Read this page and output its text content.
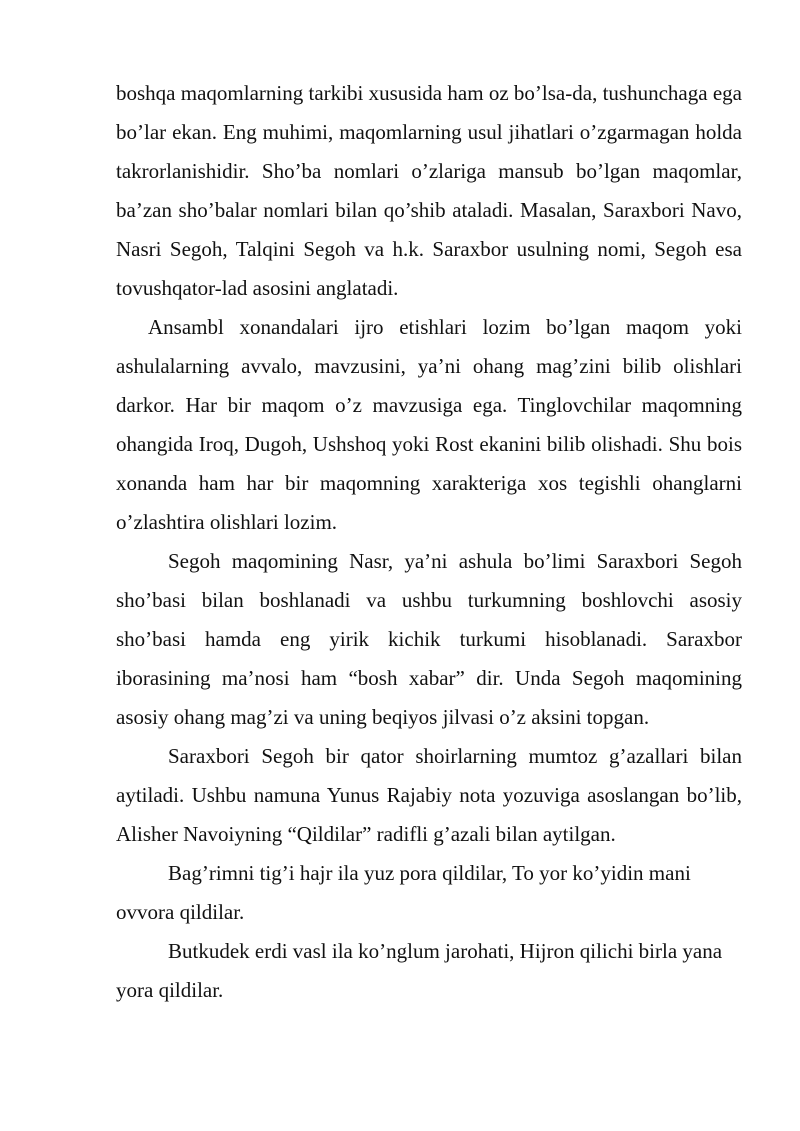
boshqa maqomlarning tarkibi xususida ham oz bo’lsa-da, tushunchaga ega bo’lar ekan. Eng muhimi, maqomlarning usul jihatlari o’zgarmagan holda takrorlanishidir. Sho’ba nomlari o’zlariga mansub bo’lgan maqomlar, ba’zan sho’balar nomlari bilan qo’shib ataladi. Masalan, Saraxbori Navo, Nasri Segoh, Talqini Segoh va h.k. Saraxbor usulning nomi, Segoh esa tovushqator-lad asosini anglatadi.

Ansambl xonandalari ijro etishlari lozim bo’lgan maqom yoki ashulalarning avvalo, mavzusini, ya’ni ohang mag’zini bilib olishlari darkor. Har bir maqom o’z mavzusiga ega. Tinglovchilar maqomning ohangida Iroq, Dugoh, Ushshoq yoki Rost ekanini bilib olishadi. Shu bois xonanda ham har bir maqomning xarakteriga xos tegishli ohanglarni o’zlashtira olishlari lozim.

Segoh maqomining Nasr, ya’ni ashula bo’limi Saraxbori Segoh sho’basi bilan boshlanadi va ushbu turkumning boshlovchi asosiy sho’basi hamda eng yirik kichik turkumi hisoblanadi. Saraxbor iborasining ma’nosi ham “bosh xabar” dir. Unda Segoh maqomining asosiy ohang mag’zi va uning beqiyos jilvasi o’z aksini topgan.

Saraxbori Segoh bir qator shoirlarning mumtoz g’azallari bilan aytiladi. Ushbu namuna Yunus Rajabiy nota yozuviga asoslangan bo’lib, Alisher Navoiyning “Qildilar” radifli g’azali bilan aytilgan.

Bag’rimni tig’i hajr ila yuz pora qildilar, To yor ko’yidin mani ovvora qildilar.

Butkudek erdi vasl ila ko’nglum jarohati, Hijron qilichi birla yana yora qildilar.
